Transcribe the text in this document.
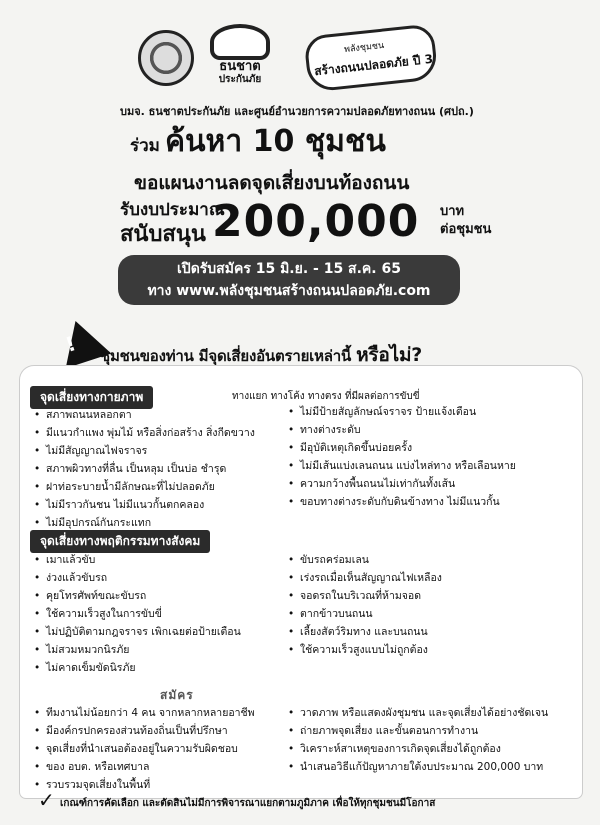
ธนชาต
ประกันภัย
พลังชุมชน
สร้างถนนปลอดภัย ปี 3
บมจ. ธนชาตประกันภัย และศูนย์อำนวยการความปลอดภัยทางถนน (ศปถ.)
ร่วม ค้นหา 10 ชุมชน
ขอแผนงานลดจุดเสี่ยงบนท้องถนน
รับงบประมาณ
สนับสนุน 200,000 บาท
ต่อชุมชน
เปิดรับสมัคร 15 มิ.ย. - 15 ส.ค. 65
ทาง www.พลังชุมชนสร้างถนนปลอดภัย.com
! ชุมชนของท่าน มีจุดเสี่ยงอันตรายเหล่านี้ หรือไม่?
จุดเสี่ยงทางกายภาพ	ทางแยก ทางโค้ง ทางตรง ที่มีผลต่อการขับขี่
• สภาพถนนหลอกตา
• มีแนวกำแพง พุ่มไม้ หรือสิ่งก่อสร้าง สิ่งกีดขวาง
• ไม่มีสัญญาณไฟจราจร
• สภาพผิวทางที่ลื่น เป็นหลุม เป็นบ่อ ชำรุด
• ฝาท่อระบายน้ำมีลักษณะที่ไม่ปลอดภัย
• ไม่มีราวกันชน ไม่มีแนวกั้นตกคลอง
• ไม่มีอุปกรณ์กันกระแทก
• ไม่มีป้ายสัญลักษณ์จราจร ป้ายแจ้งเตือน
• ทางต่างระดับ
• มีอุบัติเหตุเกิดขึ้นบ่อยครั้ง
• ไม่มีเส้นแบ่งเลนถนน แบ่งไหล่ทาง หรือเลือนหาย
• ความกว้างพื้นถนนไม่เท่ากันทั้งเส้น
• ขอบทางต่างระดับกับดินข้างทาง ไม่มีแนวกั้น
จุดเสี่ยงทางพฤติกรรมทางสังคม
• เมาแล้วขับ
• ง่วงแล้วขับรถ
• คุยโทรศัพท์ขณะขับรถ
• ใช้ความเร็วสูงในการขับขี่
• ไม่ปฏิบัติตามกฎจราจร เพิกเฉยต่อป้ายเตือน
• ไม่สวมหมวกนิรภัย
• ไม่คาดเข็มขัดนิรภัย
• ขับรถคร่อมเลน
• เร่งรถเมื่อเห็นสัญญาณไฟเหลือง
• จอดรถในบริเวณที่ห้ามจอด
• ตากข้าวบนถนน
• เลี้ยงสัตว์ริมทาง และบนถนน
• ใช้ความเร็วสูงแบบไม่ถูกต้อง
สมัคร
• ทีมงานไม่น้อยกว่า 4 คน จากหลากหลายอาชีพ
• มีองค์กรปกครองส่วนท้องถิ่นเป็นที่ปรึกษา
• จุดเสี่ยงที่นำเสนอต้องอยู่ในความรับผิดชอบ
• ของ อบต. หรือเทศบาล
• รวบรวมจุดเสี่ยงในพื้นที่
• วาดภาพ หรือแสดงผังชุมชน และจุดเสี่ยงได้อย่างชัดเจน
• ถ่ายภาพจุดเสี่ยง และขั้นตอนการทำงาน
• วิเคราะห์สาเหตุของการเกิดจุดเสี่ยงได้ถูกต้อง
• นำเสนอวิธีแก้ปัญหาภายใต้งบประมาณ 200,000 บาท
✓ เกณฑ์การคัดเลือก และตัดสินไม่มีการพิจารณาแยกตามภูมิภาค เพื่อให้ทุกชุมชนมีโอกาส
